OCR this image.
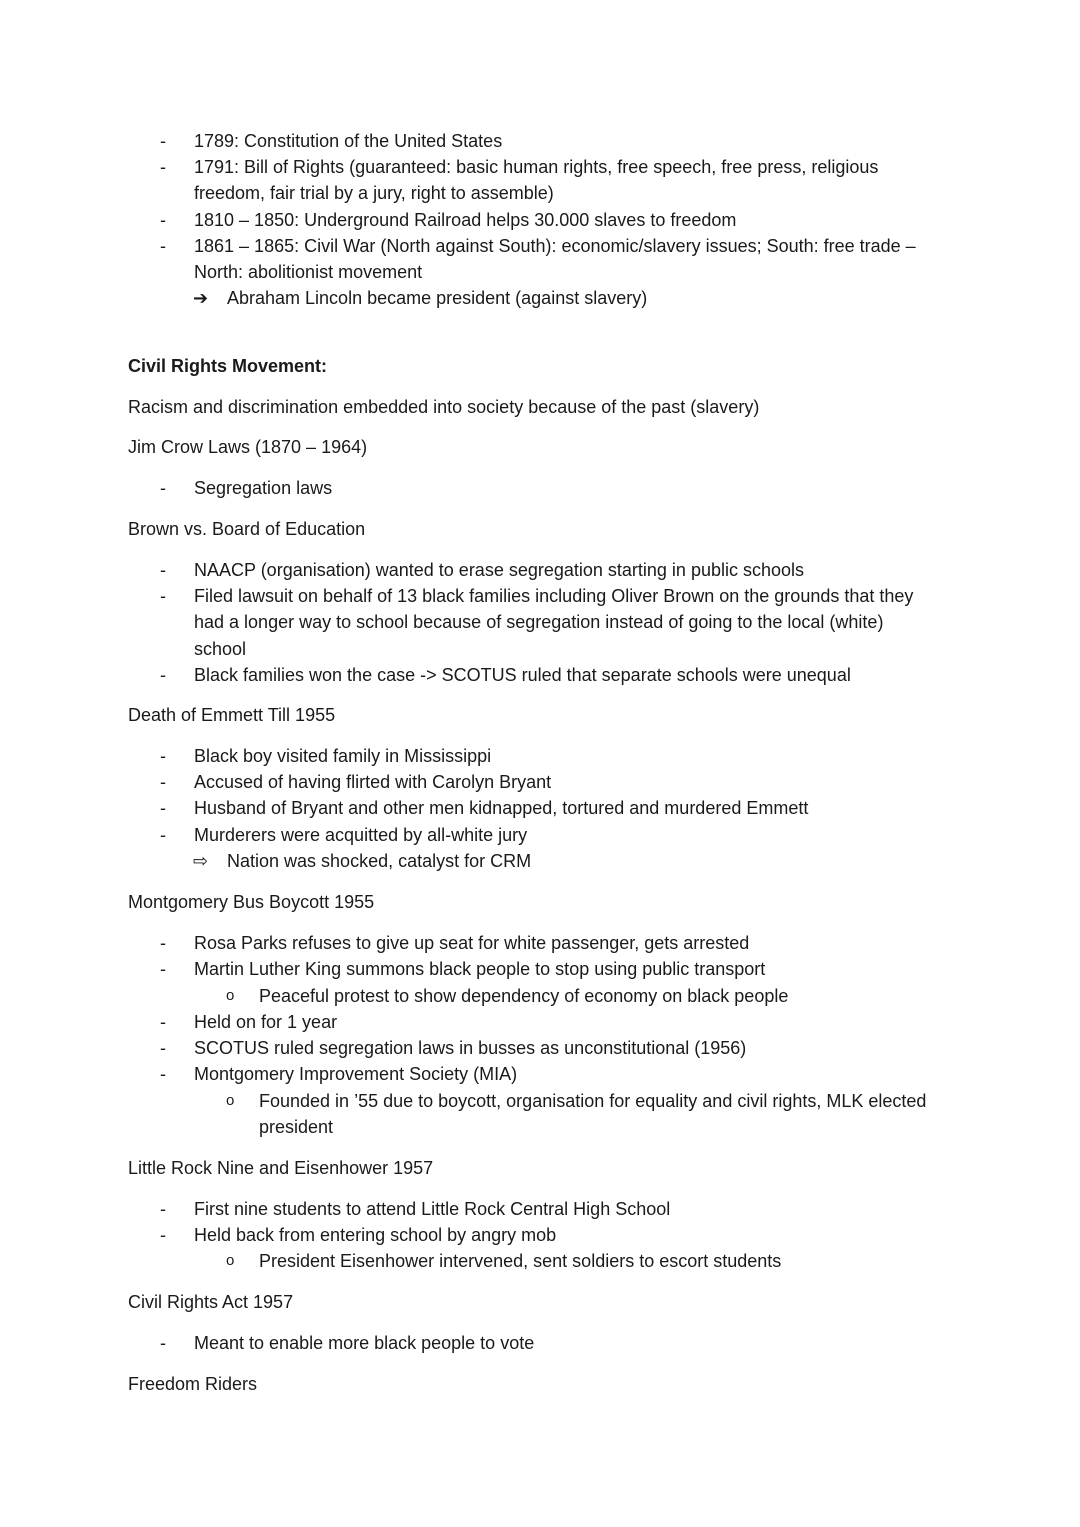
- 1789: Constitution of the United States
- 1791: Bill of Rights (guaranteed: basic human rights, free speech, free press, religious
freedom, fair trial by a jury, right to assemble)
- 1810 – 1850: Underground Railroad helps 30.000 slaves to freedom
- 1861 – 1865: Civil War (North against South): economic/slavery issues; South: free trade –
North: abolitionist movement
➔ Abraham Lincoln became president (against slavery)
Civil Rights Movement:
Racism and discrimination embedded into society because of the past (slavery)
Jim Crow Laws (1870 – 1964)
- Segregation laws
Brown vs. Board of Education
- NAACP (organisation) wanted to erase segregation starting in public schools
- Filed lawsuit on behalf of 13 black families including Oliver Brown on the grounds that they
had a longer way to school because of segregation instead of going to the local (white)
school
- Black families won the case -> SCOTUS ruled that separate schools were unequal
Death of Emmett Till 1955
- Black boy visited family in Mississippi
- Accused of having flirted with Carolyn Bryant
- Husband of Bryant and other men kidnapped, tortured and murdered Emmett
- Murderers were acquitted by all-white jury
⇨ Nation was shocked, catalyst for CRM
Montgomery Bus Boycott 1955
- Rosa Parks refuses to give up seat for white passenger, gets arrested
- Martin Luther King summons black people to stop using public transport
o Peaceful protest to show dependency of economy on black people
- Held on for 1 year
- SCOTUS ruled segregation laws in busses as unconstitutional (1956)
- Montgomery Improvement Society (MIA)
o Founded in ’55 due to boycott, organisation for equality and civil rights, MLK elected
president
Little Rock Nine and Eisenhower 1957
- First nine students to attend Little Rock Central High School
- Held back from entering school by angry mob
o President Eisenhower intervened, sent soldiers to escort students
Civil Rights Act 1957
- Meant to enable more black people to vote
Freedom Riders
